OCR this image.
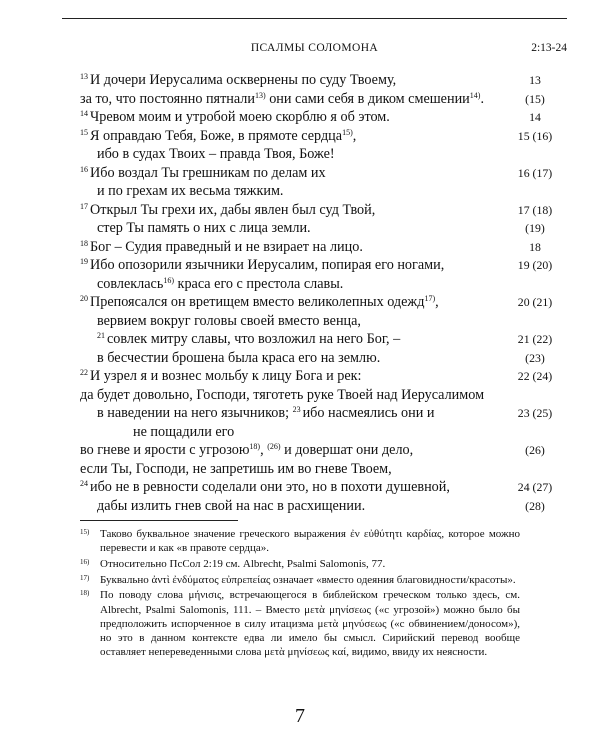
ПСАЛМЫ СОЛОМОНА	2:13-24
$^{13}$ И дочери Иерусалима осквернены по суду Твоему,	13
за то, что постоянно пятнали$^{13)}$ они сами себя в диком смешении$^{14)}$.	(15)
$^{14}$ Чревом моим и утробой моею скорблю я об этом.	14
$^{15}$ Я оправдаю Тебя, Боже, в прямоте сердца$^{15)}$,	15 (16)
ибо в судах Твоих – правда Твоя, Боже!
$^{16}$ Ибо воздал Ты грешникам по делам их	16 (17)
и по грехам их весьма тяжким.
$^{17}$ Открыл Ты грехи их, дабы явлен был суд Твой,	17 (18)
стер Ты память о них с лица земли.	(19)
$^{18}$ Бог – Судия праведный и не взирает на лицо.	18
$^{19}$ Ибо опозорили язычники Иерусалим, попирая его ногами,	19 (20)
совлеклась$^{16)}$ краса его с престола славы.
$^{20}$ Препоясался он вретищем вместо великолепных одежд$^{17)}$,	20 (21)
вервием вокруг головы своей вместо венца,
$^{21}$ совлек митру славы, что возложил на него Бог, –	21 (22)
в бесчестии брошена была краса его на землю.	(23)
$^{22}$ И узрел я и вознес мольбу к лицу Бога и рек:	22 (24)
да будет довольно, Господи, тяготеть руке Твоей над Иерусалимом
в наведении на него язычников; $^{23}$ ибо насмеялись они и	23 (25)
не пощадили его
во гневе и ярости с угрозою$^{18)}$, $^{(26)}$ и довершат они дело,	(26)
если Ты, Господи, не запретишь им во гневе Твоем,
$^{24}$ ибо не в ревности соделали они это, но в похоти душевной,	24 (27)
дабы излить гнев свой на нас в расхищении.	(28)
15) Таково буквальное значение греческого выражения ἐν εὐθύτητι καρδίας, которое можно перевести и как «в правоте сердца».
16) Относительно ПсСол 2:19 см. Albrecht, Psalmi Salomonis, 77.
17) Буквально ἀντὶ ἐνδύματος εὐπρεπείας означает «вместо одеяния благовидности/красоты».
18) По поводу слова μήνισις, встречающегося в библейском греческом только здесь, см. Albrecht, Psalmi Salomonis, 111. – Вместо μετὰ μηνίσεως («с угрозой») можно было бы предположить испорченное в силу итацизма μετὰ μηνύσεως («с обвинением/доносом»), но это в данном контексте едва ли имело бы смысл. Сирийский перевод вообще оставляет непереведенными слова μετὰ μηνίσεως καί, видимо, ввиду их неясности.
7
